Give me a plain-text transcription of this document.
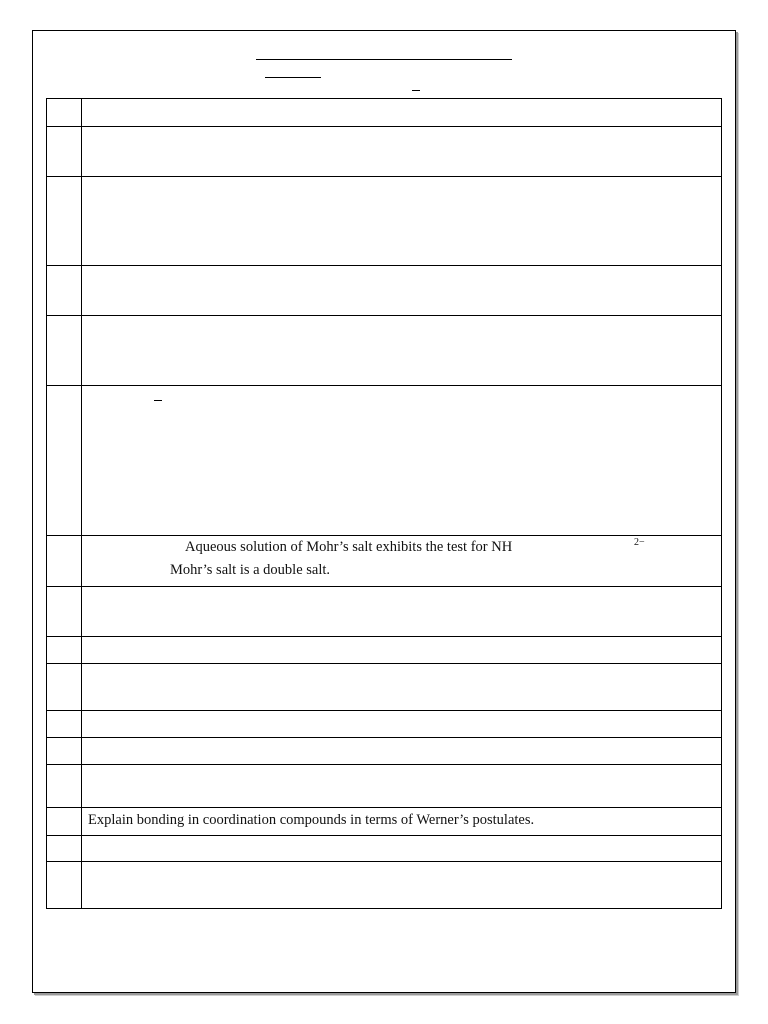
	Aqueous solution of Mohr’s salt exhibits the test for NH 2−
Mohr’s salt is a double salt.

	Explain bonding in coordination compounds in terms of Werner’s postulates.
